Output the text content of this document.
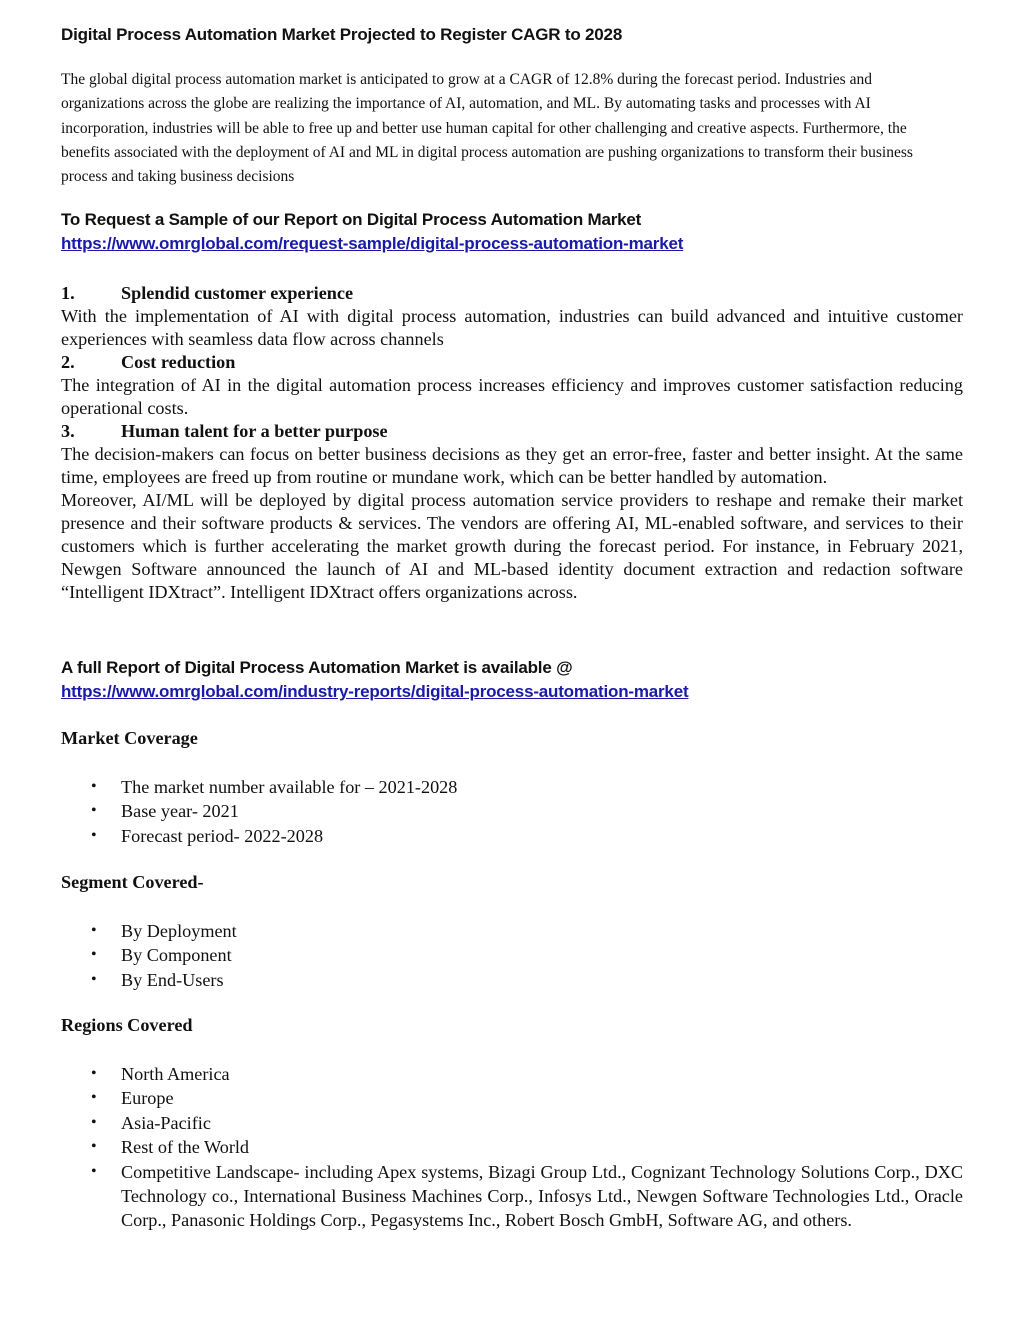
Digital Process Automation Market Projected to Register CAGR to 2028

The global digital process automation market is anticipated to grow at a CAGR of 12.8% during the forecast period. Industries and organizations across the globe are realizing the importance of AI, automation, and ML. By automating tasks and processes with AI incorporation, industries will be able to free up and better use human capital for other challenging and creative aspects. Furthermore, the benefits associated with the deployment of AI and ML in digital process automation are pushing organizations to transform their business process and taking business decisions

To Request a Sample of our Report on Digital Process Automation Market
https://www.omrglobal.com/request-sample/digital-process-automation-market
1.	Splendid customer experience

With the implementation of AI with digital process automation, industries can build advanced and intuitive customer experiences with seamless data flow across channels

2.	Cost reduction

The integration of AI in the digital automation process increases efficiency and improves customer satisfaction reducing operational costs.

3.	Human talent for a better purpose

The decision-makers can focus on better business decisions as they get an error-free, faster and better insight. At the same time, employees are freed up from routine or mundane work, which can be better handled by automation.

Moreover, AI/ML will be deployed by digital process automation service providers to reshape and remake their market presence and their software products & services. The vendors are offering AI, ML-enabled software, and services to their customers which is further accelerating the market growth during the forecast period. For instance, in February 2021, Newgen Software announced the launch of AI and ML-based identity document extraction and redaction software “Intelligent IDXtract”. Intelligent IDXtract offers organizations across.

A full Report of Digital Process Automation Market is available @
https://www.omrglobal.com/industry-reports/digital-process-automation-market
Market Coverage
• The market number available for – 2021-2028
• Base year- 2021
• Forecast period- 2022-2028
Segment Covered-
• By Deployment
• By Component
• By End-Users
Regions Covered
• North America
• Europe
• Asia-Pacific
• Rest of the World
• Competitive Landscape- including Apex systems, Bizagi Group Ltd., Cognizant Technology Solutions Corp., DXC Technology co., International Business Machines Corp., Infosys Ltd., Newgen Software Technologies Ltd., Oracle Corp., Panasonic Holdings Corp., Pegasystems Inc., Robert Bosch GmbH, Software AG, and others.
